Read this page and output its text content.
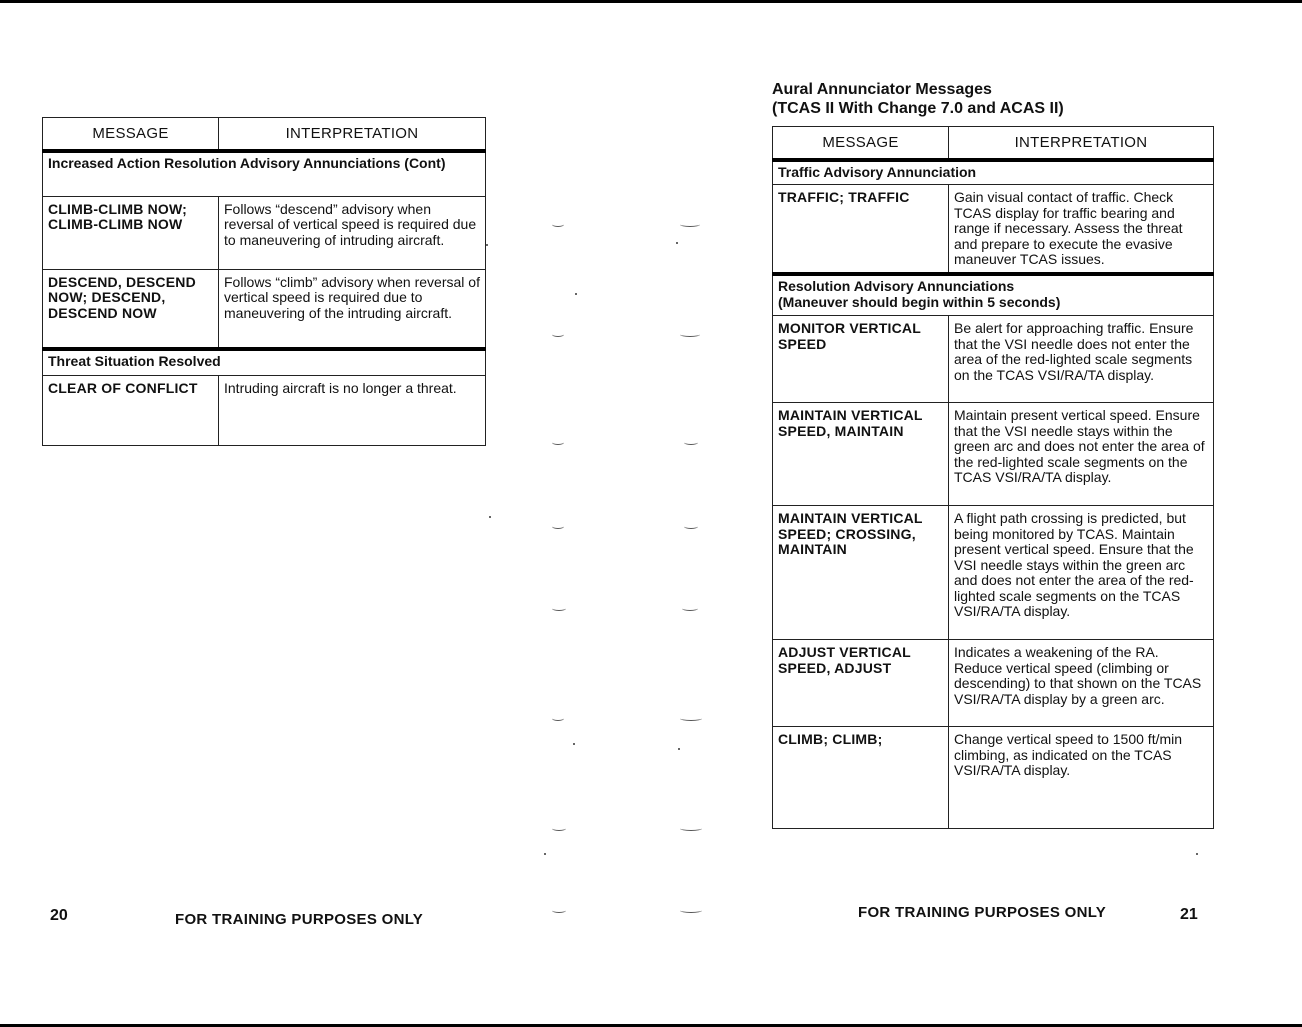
MESSAGE	INTERPRETATION
Increased Action Resolution Advisory Annunciations (Cont)	
CLIMB-CLIMB NOW; CLIMB-CLIMB NOW	Follows “descend” advisory when reversal of vertical speed is required due to maneuvering of intruding aircraft.
DESCEND, DESCEND NOW; DESCEND, DESCEND NOW	Follows “climb” advisory when reversal of vertical speed is required due to maneuvering of the intruding aircraft.
Threat Situation Resolved	
CLEAR OF CONFLICT	Intruding aircraft is no longer a threat.
Aural Annunciator Messages
(TCAS II With Change 7.0 and ACAS II)
MESSAGE	INTERPRETATION
Traffic Advisory Annunciation	
TRAFFIC; TRAFFIC	Gain visual contact of traffic. Check TCAS display for traffic bearing and range if necessary. Assess the threat and prepare to execute the evasive maneuver TCAS issues.

Resolution Advisory Annunciations
(Maneuver should begin within 5 seconds)	

MONITOR VERTICAL SPEED	Be alert for approaching traffic. Ensure that the VSI needle does not enter the area of the red-lighted scale segments on the TCAS VSI/RA/TA display.
MAINTAIN VERTICAL SPEED, MAINTAIN	Maintain present vertical speed. Ensure that the VSI needle stays within the green arc and does not enter the area of the red-lighted scale segments on the TCAS VSI/RA/TA display.
MAINTAIN VERTICAL SPEED; CROSSING, MAINTAIN	A flight path crossing is predicted, but being monitored by TCAS. Maintain present vertical speed. Ensure that the VSI needle stays within the green arc and does not enter the area of the red-lighted scale segments on the TCAS VSI/RA/TA display.
ADJUST VERTICAL SPEED, ADJUST	Indicates a weakening of the RA. Reduce vertical speed (climbing or descending) to that shown on the TCAS VSI/RA/TA display by a green arc.
CLIMB; CLIMB;	Change vertical speed to 1500 ft/min climbing, as indicated on the TCAS VSI/RA/TA display.
20	FOR TRAINING PURPOSES ONLY	FOR TRAINING PURPOSES ONLY	21
